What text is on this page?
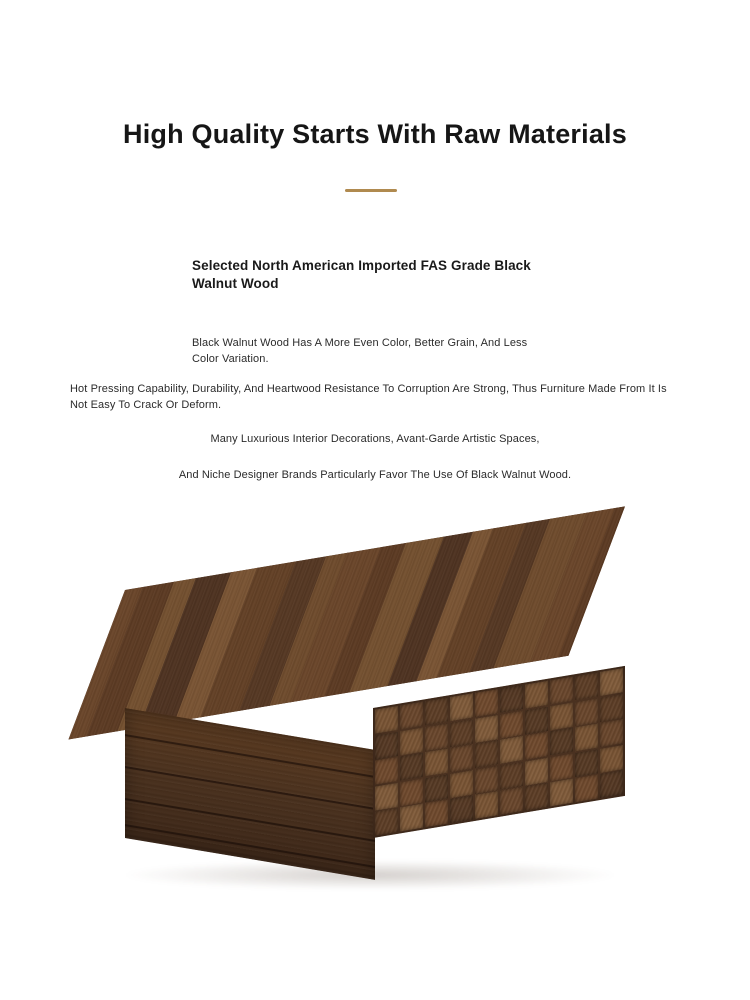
High Quality Starts With Raw Materials
Selected North American Imported FAS Grade Black Walnut Wood

Black Walnut Wood Has A More Even Color, Better Grain, And Less Color Variation.

Hot Pressing Capability, Durability, And Heartwood Resistance To Corruption Are Strong, Thus Furniture Made From It Is Not Easy To Crack Or Deform.

Many Luxurious Interior Decorations, Avant-Garde Artistic Spaces,

And Niche Designer Brands Particularly Favor The Use Of Black Walnut Wood.
